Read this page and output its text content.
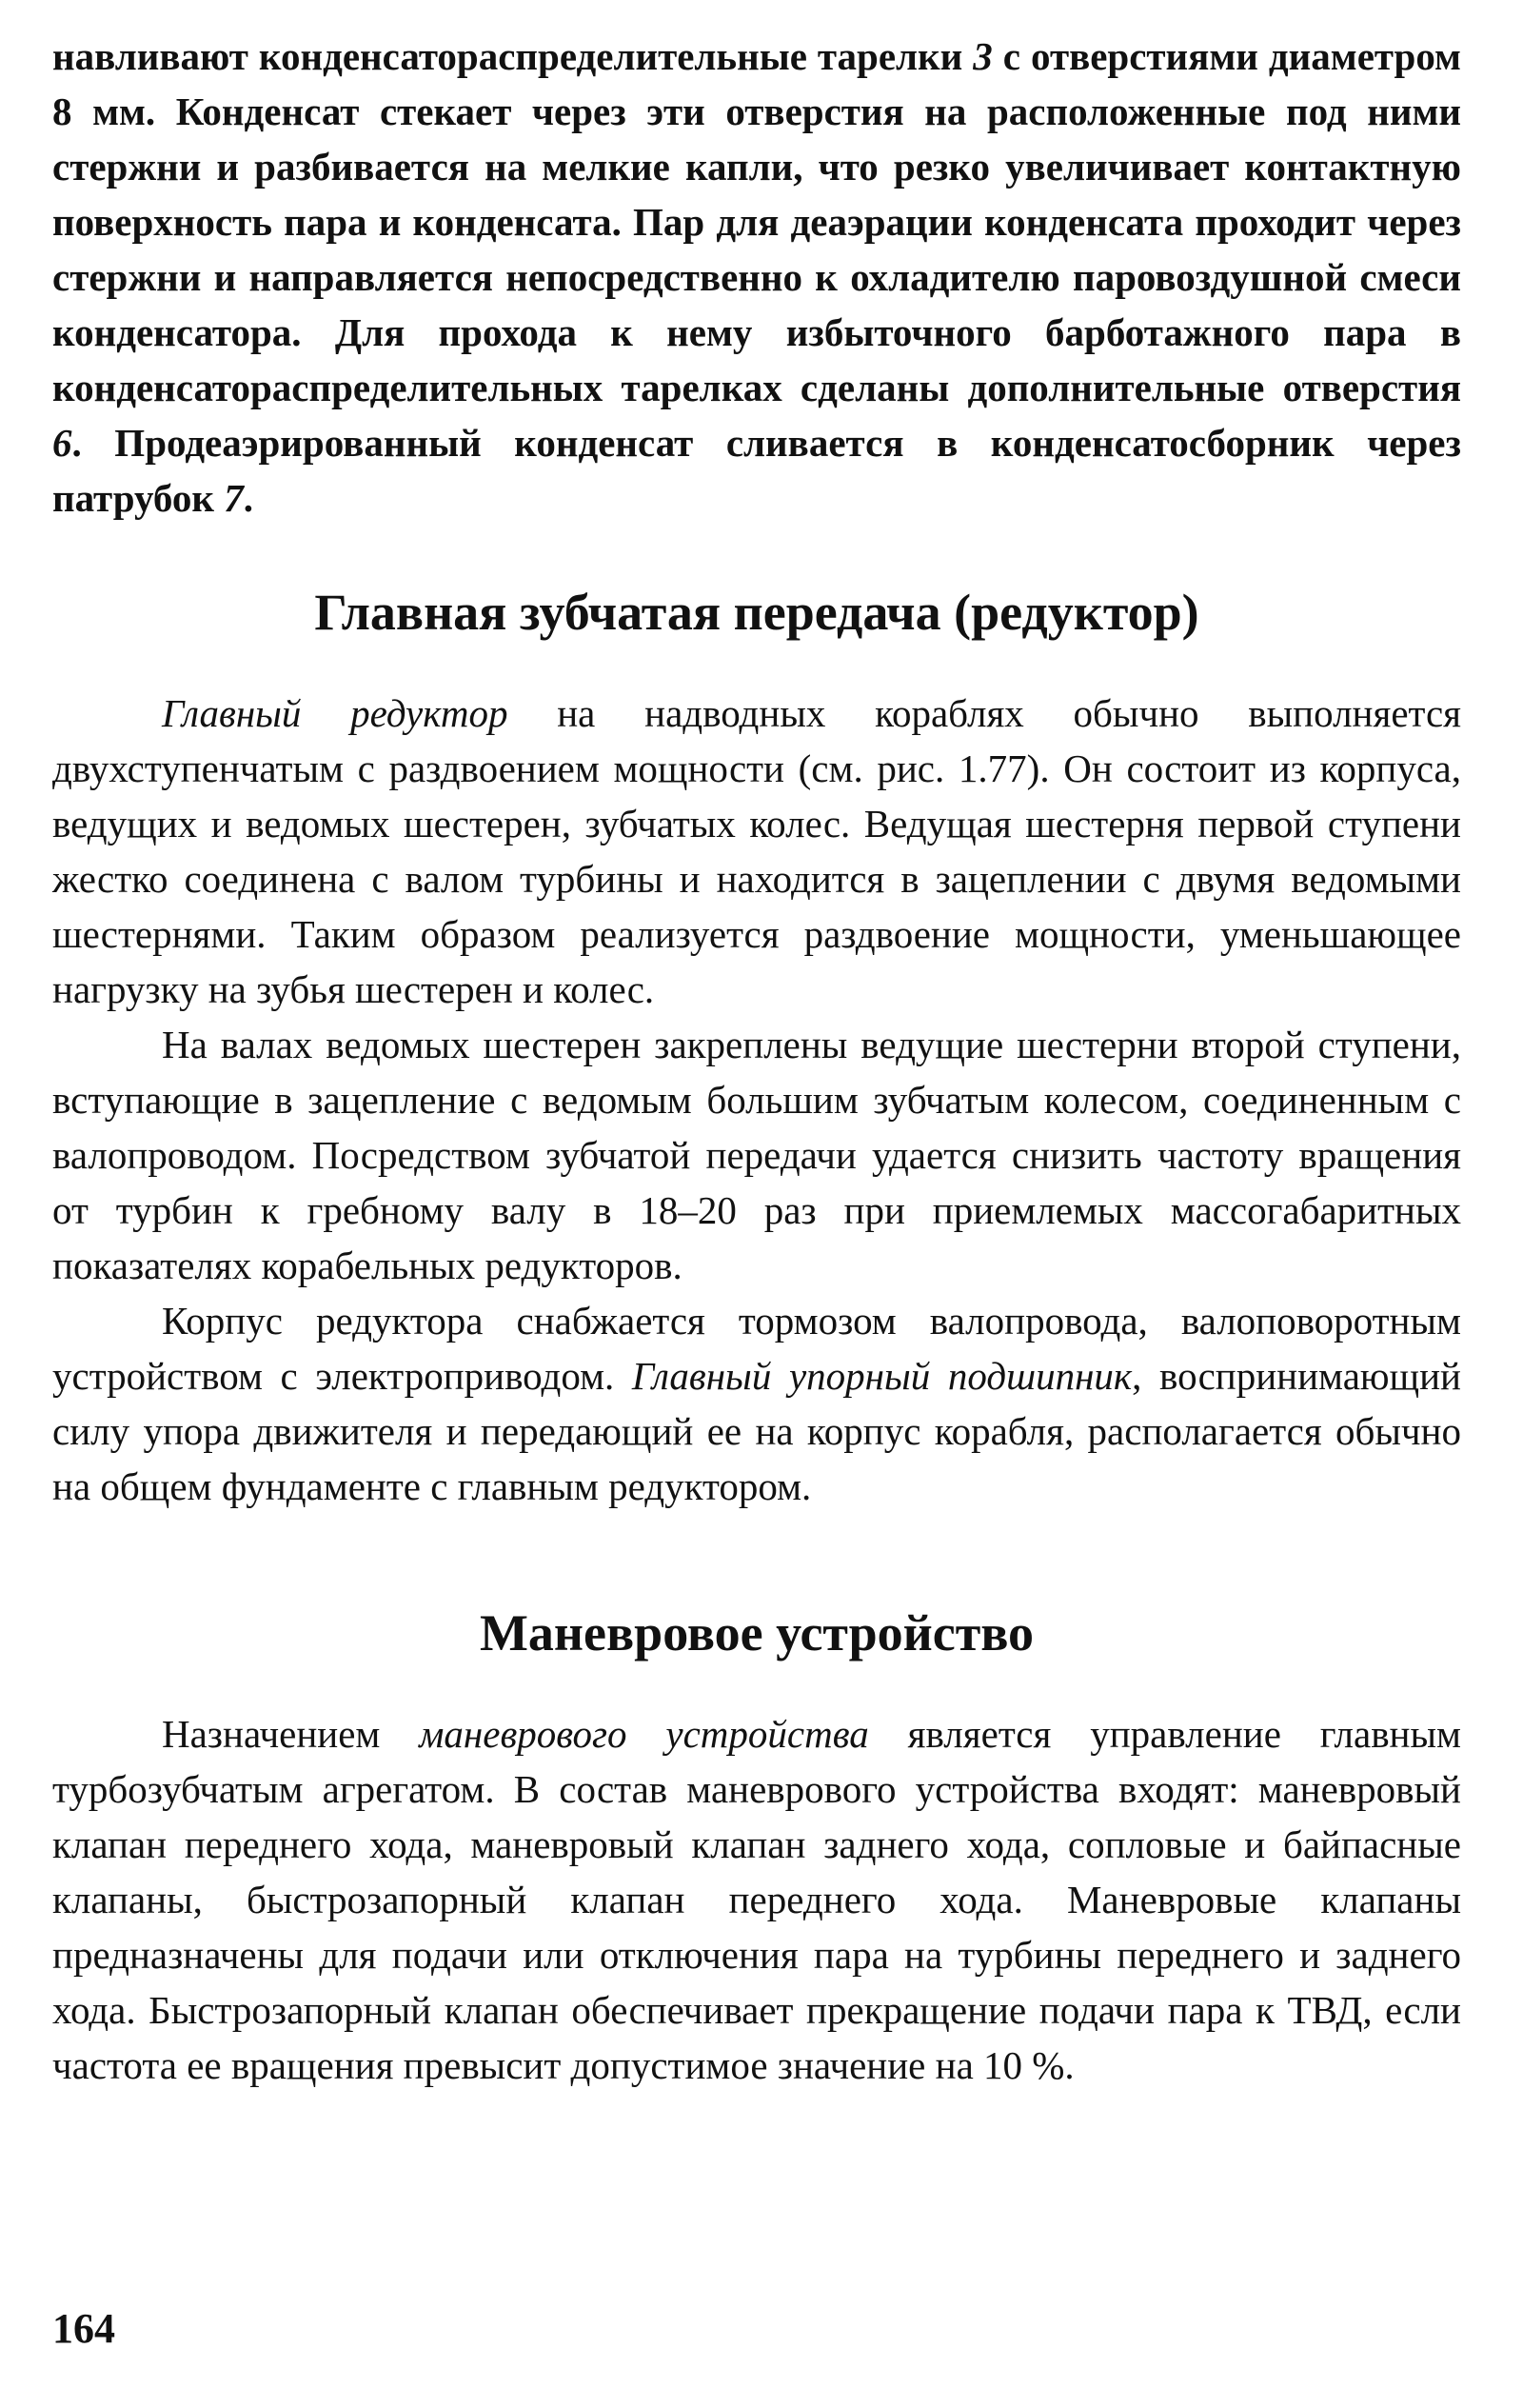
навливают конденсатораспределительные тарелки 3 с отверстиями диаметром 8 мм. Конденсат стекает через эти отверстия на расположенные под ними стержни и разбивается на мелкие капли, что резко увеличивает контактную поверхность пара и конденсата. Пар для деаэрации конденсата проходит через стержни и направляется непосредственно к охладителю паровоздушной смеси конденсатора. Для прохода к нему избыточного барботажного пара в конденсатораспределительных тарелках сделаны дополнительные отверстия 6. Продеаэрированный конденсат сливается в конденсатосборник через патрубок 7.

Главная зубчатая передача (редуктор)

Главный редуктор на надводных кораблях обычно выполняется двухступенчатым с раздвоением мощности (см. рис. 1.77). Он состоит из корпуса, ведущих и ведомых шестерен, зубчатых колес. Ведущая шестерня первой ступени жестко соединена с валом турбины и находится в зацеплении с двумя ведомыми шестернями. Таким образом реализуется раздвоение мощности, уменьшающее нагрузку на зубья шестерен и колес.

На валах ведомых шестерен закреплены ведущие шестерни второй ступени, вступающие в зацепление с ведомым большим зубчатым колесом, соединенным с валопроводом. Посредством зубчатой передачи удается снизить частоту вращения от турбин к гребному валу в 18–20 раз при приемлемых массогабаритных показателях корабельных редукторов.

Корпус редуктора снабжается тормозом валопровода, валоповоротным устройством с электроприводом. Главный упорный подшипник, воспринимающий силу упора движителя и передающий ее на корпус корабля, располагается обычно на общем фундаменте с главным редуктором.

Маневровое устройство

Назначением маневрового устройства является управление главным турбозубчатым агрегатом. В состав маневрового устройства входят: маневровый клапан переднего хода, маневровый клапан заднего хода, сопловые и байпасные клапаны, быстрозапорный клапан переднего хода. Маневровые клапаны предназначены для подачи или отключения пара на турбины переднего и заднего хода. Быстрозапорный клапан обеспечивает прекращение подачи пара к ТВД, если частота ее вращения превысит допустимое значение на 10 %.

164
